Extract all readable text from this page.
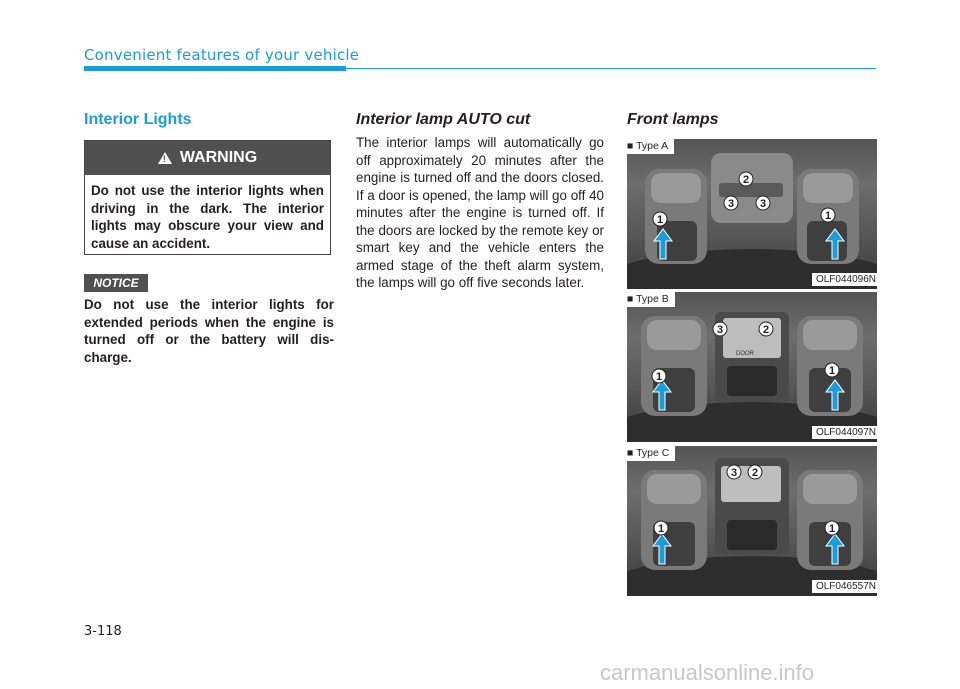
Convenient features of your vehicle
Interior Lights
!
WARNING
Do not use the interior lights when driving in the dark. The interior lights may obscure your view and cause an accident.
NOTICE
Do not use the interior lights for extended periods when the engine is turned off or the battery will dis-charge.
Interior lamp AUTO cut
The interior lamps will automatically go off approximately 20 minutes after the engine is turned off and the doors closed. If a door is opened, the lamp will go off 40 minutes after the engine is turned off. If the doors are locked by the remote key or smart key and the vehicle enters the armed stage of the theft alarm system, the lamps will go off five seconds later.
Front lamps
1	1
2
3 3
■ Type A
OLF044096N
1	1
2
3
DOOR
■ Type B
OLF044097N
1	1
2
3
■ Type C
OLF046557N
3-118
carmanualsonline.info
